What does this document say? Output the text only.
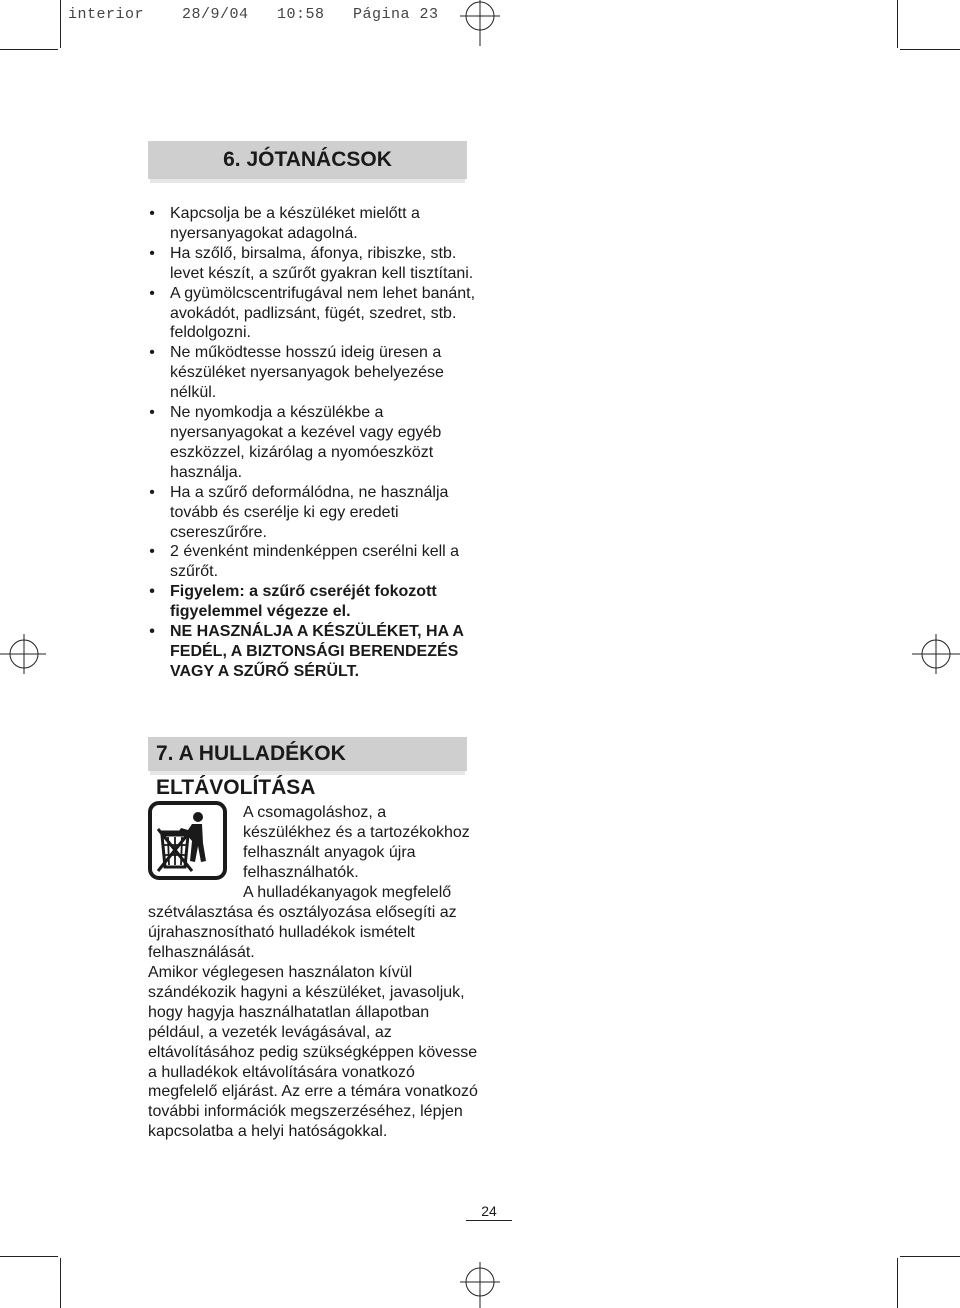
interior    28/9/04   10:58   Página 23
6. JÓTANÁCSOK
• Kapcsolja be a készüléket mielőtt a nyersanyagokat adagolná.
• Ha szőlő, birsalma, áfonya, ribiszke, stb. levet készít, a szűrőt gyakran kell tisztítani.
• A gyümölcscentrifugával nem lehet banánt, avokádót, padlizsánt, fügét, szedret, stb. feldolgozni.
• Ne működtesse hosszú ideig üresen a készüléket nyersanyagok behelyezése nélkül.
• Ne nyomkodja a készülékbe a nyersanyagokat a kezével vagy egyéb eszközzel, kizárólag a nyomóeszközt használja.
• Ha a szűrő deformálódna, ne használja tovább és cserélje ki egy eredeti csereszűrőre.
• 2 évenként mindenképpen cserélni kell a szűrőt.
• Figyelem: a szűrő cseréjét fokozott figyelemmel végezze el.
• NE HASZNÁLJA A KÉSZÜLÉKET, HA A FEDÉL, A BIZTONSÁGI BERENDEZÉS VAGY A SZŰRŐ SÉRÜLT.
7. A HULLADÉKOK ELTÁVOLÍTÁSA

A csomagoláshoz, a készülékhez és a tartozékokhoz felhasznált anyagok újra felhasználhatók.

A hulladékanyagok megfelelő szétválasztása és osztályozása elősegíti az újrahasznosítható hulladékok ismételt felhasználását.

Amikor véglegesen használaton kívül szándékozik hagyni a készüléket, javasoljuk, hogy hagyja használhatatlan állapotban például, a vezeték levágásával, az eltávolításához pedig szükségképpen kövesse a hulladékok eltávolítására vonatkozó megfelelő eljárást. Az erre a témára vonatkozó további információk megszerzéséhez, lépjen kapcsolatba a helyi hatóságokkal.

24
